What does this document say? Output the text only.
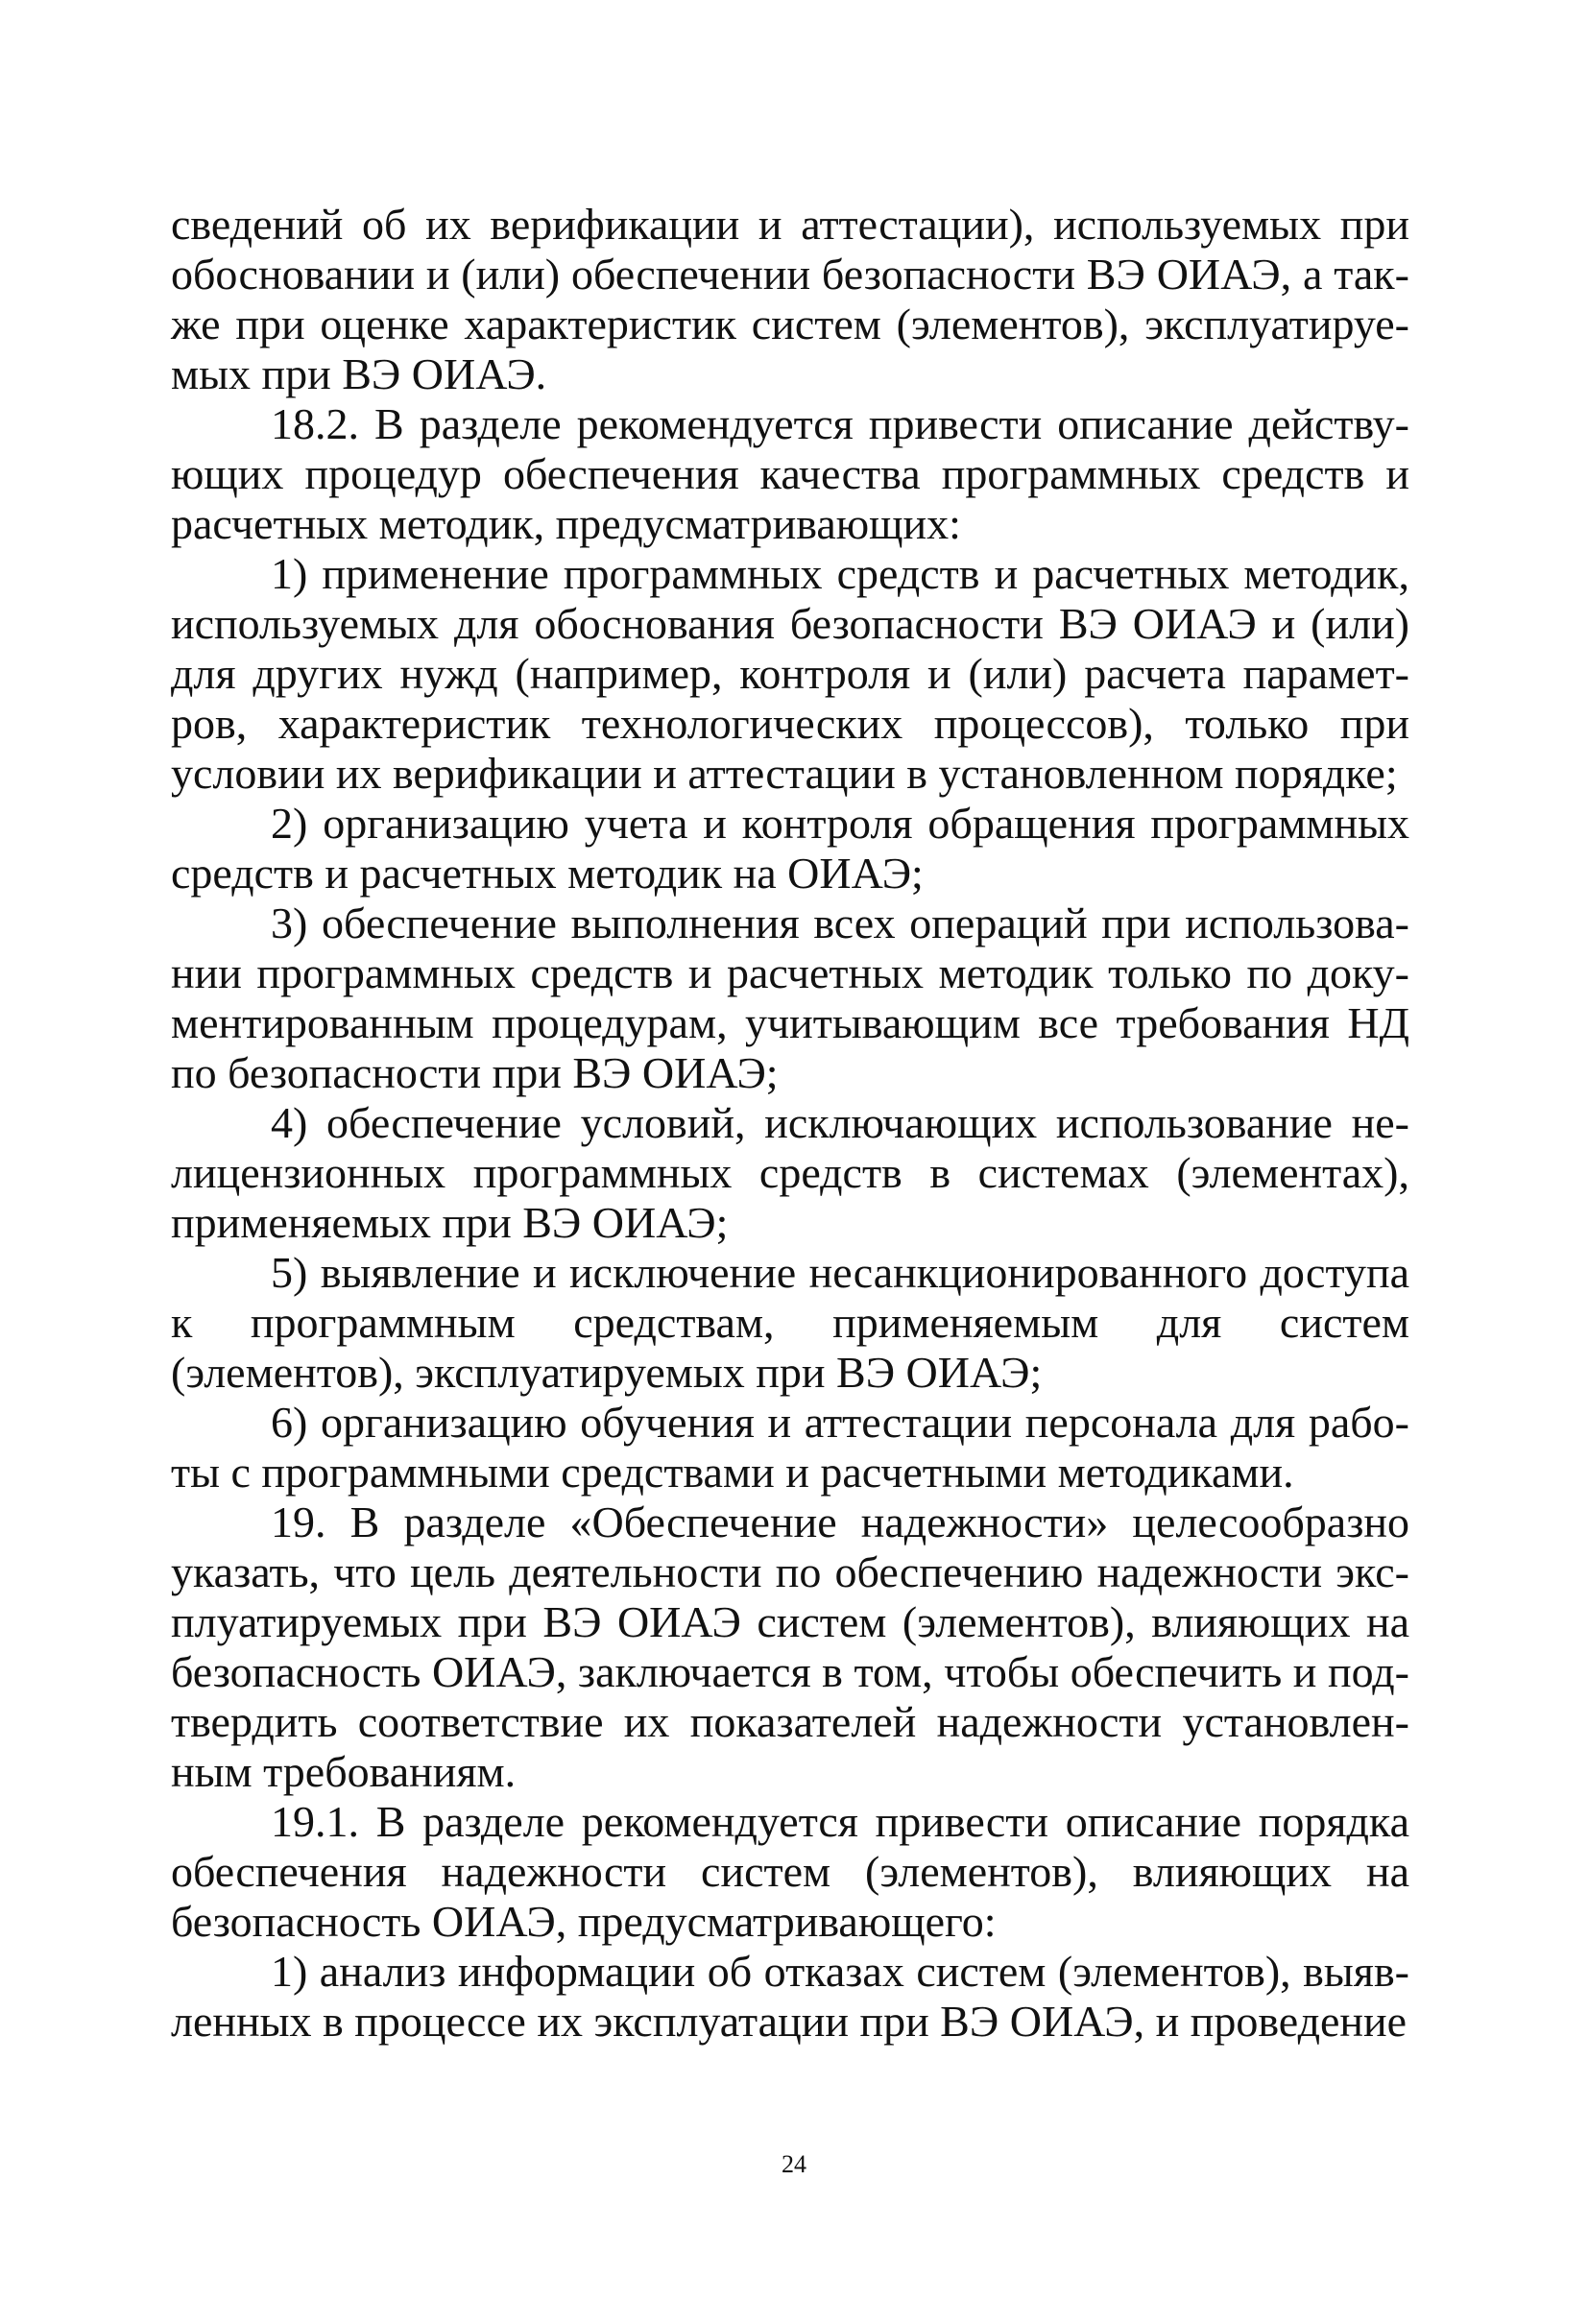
сведений об их верификации и аттестации), используемых при обосновании и (или) обеспечении безопасности ВЭ ОИАЭ, а также при оценке характеристик систем (элементов), эксплуатируемых при ВЭ ОИАЭ.

18.2. В разделе рекомендуется привести описание действующих процедур обеспечения качества программных средств и расчетных методик, предусматривающих:

1) применение программных средств и расчетных методик, используемых для обоснования безопасности ВЭ ОИАЭ и (или) для других нужд (например, контроля и (или) расчета параметров, характеристик технологических процессов), только при условии их верификации и аттестации в установленном порядке;

2) организацию учета и контроля обращения программных средств и расчетных методик на ОИАЭ;

3) обеспечение выполнения всех операций при использовании программных средств и расчетных методик только по документированным процедурам, учитывающим все требования НД по безопасности при ВЭ ОИАЭ;

4) обеспечение условий, исключающих использование нелицензионных программных средств в системах (элементах), применяемых при ВЭ ОИАЭ;

5) выявление и исключение несанкционированного доступа к программным средствам, применяемым для систем (элементов), эксплуатируемых при ВЭ ОИАЭ;

6) организацию обучения и аттестации персонала для работы с программными средствами и расчетными методиками.

19. В разделе «Обеспечение надежности» целесообразно указать, что цель деятельности по обеспечению надежности эксплуатируемых при ВЭ ОИАЭ систем (элементов), влияющих на безопасность ОИАЭ, заключается в том, чтобы обеспечить и подтвердить соответствие их показателей надежности установленным требованиям.

19.1. В разделе рекомендуется привести описание порядка обеспечения надежности систем (элементов), влияющих на безопасность ОИАЭ, предусматривающего:

1) анализ информации об отказах систем (элементов), выявленных в процессе их эксплуатации при ВЭ ОИАЭ, и проведение

24
